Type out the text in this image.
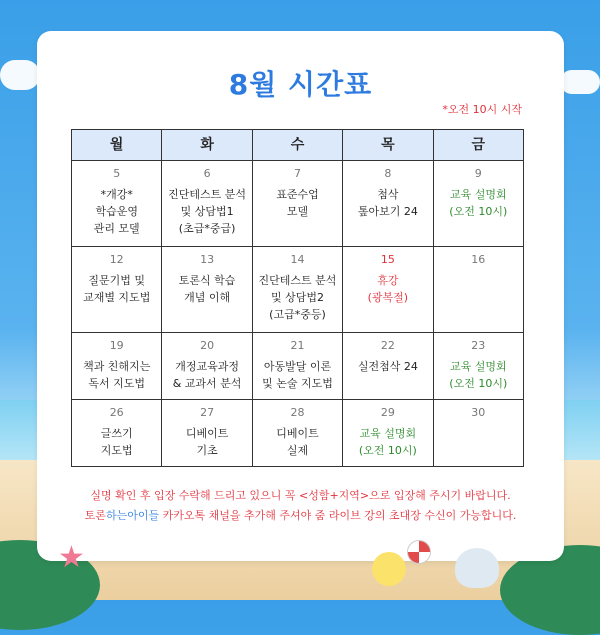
8월 시간표
*오전 10시 시작
월	화	수	목	금

5
*개강*
학습운영
관리 모델	6
진단테스트 분석
및 상담법1
(초급*중급)	7
표준수업
모델	8
첨삭
톺아보기 24	9
교육 설명회
(오전 10시)

12
질문기법 및
교재별 지도법	13
토론식 학습
개념 이해	14
진단테스트 분석
및 상담법2
(고급*중등)	15
휴강
(광복절)	16

19
책과 친해지는
독서 지도법	20
개정교육과정
& 교과서 분석	21
아동발달 이론
및 논술 지도법	22
실전첨삭 24	23
교육 설명회
(오전 10시)

26
글쓰기
지도법	27
디베이트
기초	28
디베이트
실제	29
교육 설명회
(오전 10시)	30
실명 확인 후 입장 수락해 드리고 있으니 꼭 <성함+지역>으로 입장해 주시기 바랍니다.
토론하는아이들 카카오톡 채널을 추가해 주셔야 줌 라이브 강의 초대장 수신이 가능합니다.
★
